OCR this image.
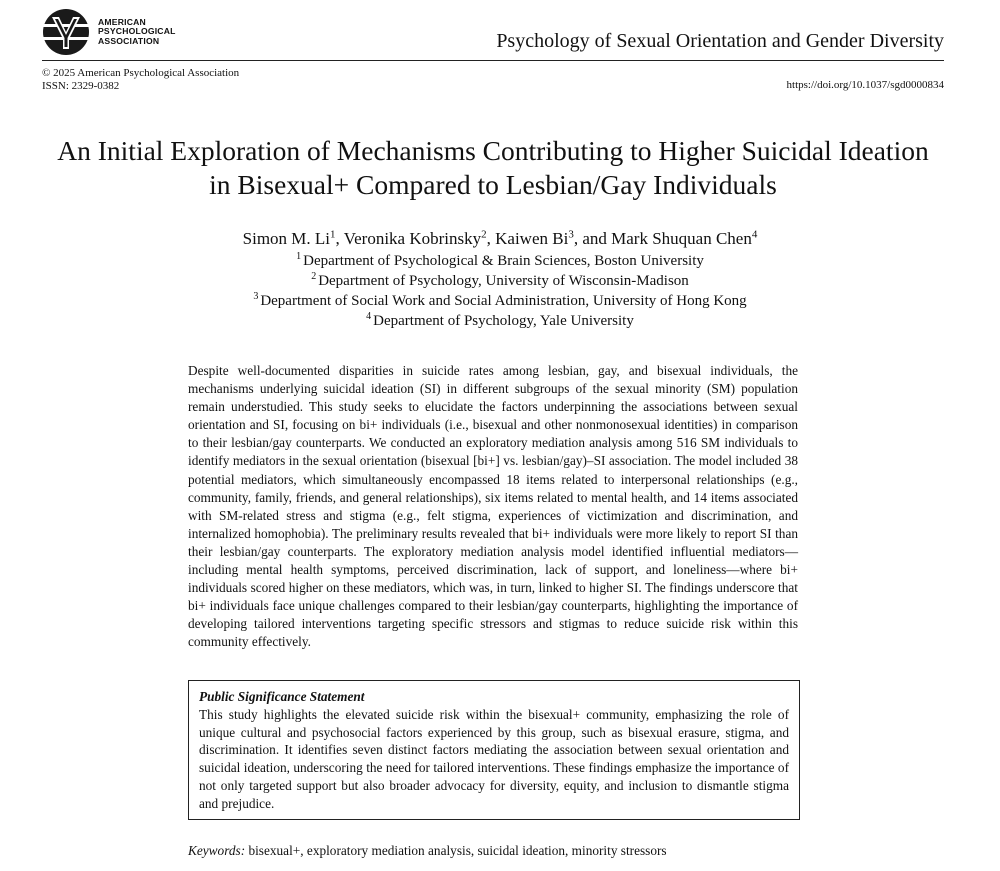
AMERICAN
PSYCHOLOGICAL
ASSOCIATION	Psychology of Sexual Orientation and Gender Diversity
© 2025 American Psychological Association
ISSN: 2329-0382	https://doi.org/10.1037/sgd0000834
An Initial Exploration of Mechanisms Contributing to Higher Suicidal Ideation
in Bisexual+ Compared to Lesbian/Gay Individuals
Simon M. Li$^1$, Veronika Kobrinsky$^2$, Kaiwen Bi$^3$, and Mark Shuquan Chen$^4$
$^1$ Department of Psychological & Brain Sciences, Boston University
$^2$ Department of Psychology, University of Wisconsin-Madison
$^3$ Department of Social Work and Social Administration, University of Hong Kong
$^4$ Department of Psychology, Yale University

Despite well-documented disparities in suicide rates among lesbian, gay, and bisexual individuals, the mechanisms underlying suicidal ideation (SI) in different subgroups of the sexual minority (SM) population remain understudied. This study seeks to elucidate the factors underpinning the associations between sexual orientation and SI, focusing on bi+ individuals (i.e., bisexual and other nonmonosexual identities) in comparison to their lesbian/gay counterparts. We conducted an exploratory mediation analysis among 516 SM individuals to identify mediators in the sexual orientation (bisexual [bi+] vs. lesbian/gay)–SI association. The model included 38 potential mediators, which simultaneously encompassed 18 items related to interpersonal relationships (e.g., community, family, friends, and general relationships), six items related to mental health, and 14 items associated with SM-related stress and stigma (e.g., felt stigma, experiences of victimization and discrimination, and internalized homophobia). The preliminary results revealed that bi+ individuals were more likely to report SI than their lesbian/gay counterparts. The exploratory mediation analysis model identified influential mediators—including mental health symptoms, perceived discrimination, lack of support, and loneliness—where bi+ individuals scored higher on these mediators, which was, in turn, linked to higher SI. The findings underscore that bi+ individuals face unique challenges compared to their lesbian/gay counterparts, highlighting the importance of developing tailored interventions targeting specific stressors and stigmas to reduce suicide risk within this community effectively.

Public Significance Statement

This study highlights the elevated suicide risk within the bisexual+ community, emphasizing the role of unique cultural and psychosocial factors experienced by this group, such as bisexual erasure, stigma, and discrimination. It identifies seven distinct factors mediating the association between sexual orientation and suicidal ideation, underscoring the need for tailored interventions. These findings emphasize the importance of not only targeted support but also broader advocacy for diversity, equity, and inclusion to dismantle stigma and prejudice.

Keywords: bisexual+, exploratory mediation analysis, suicidal ideation, minority stressors
